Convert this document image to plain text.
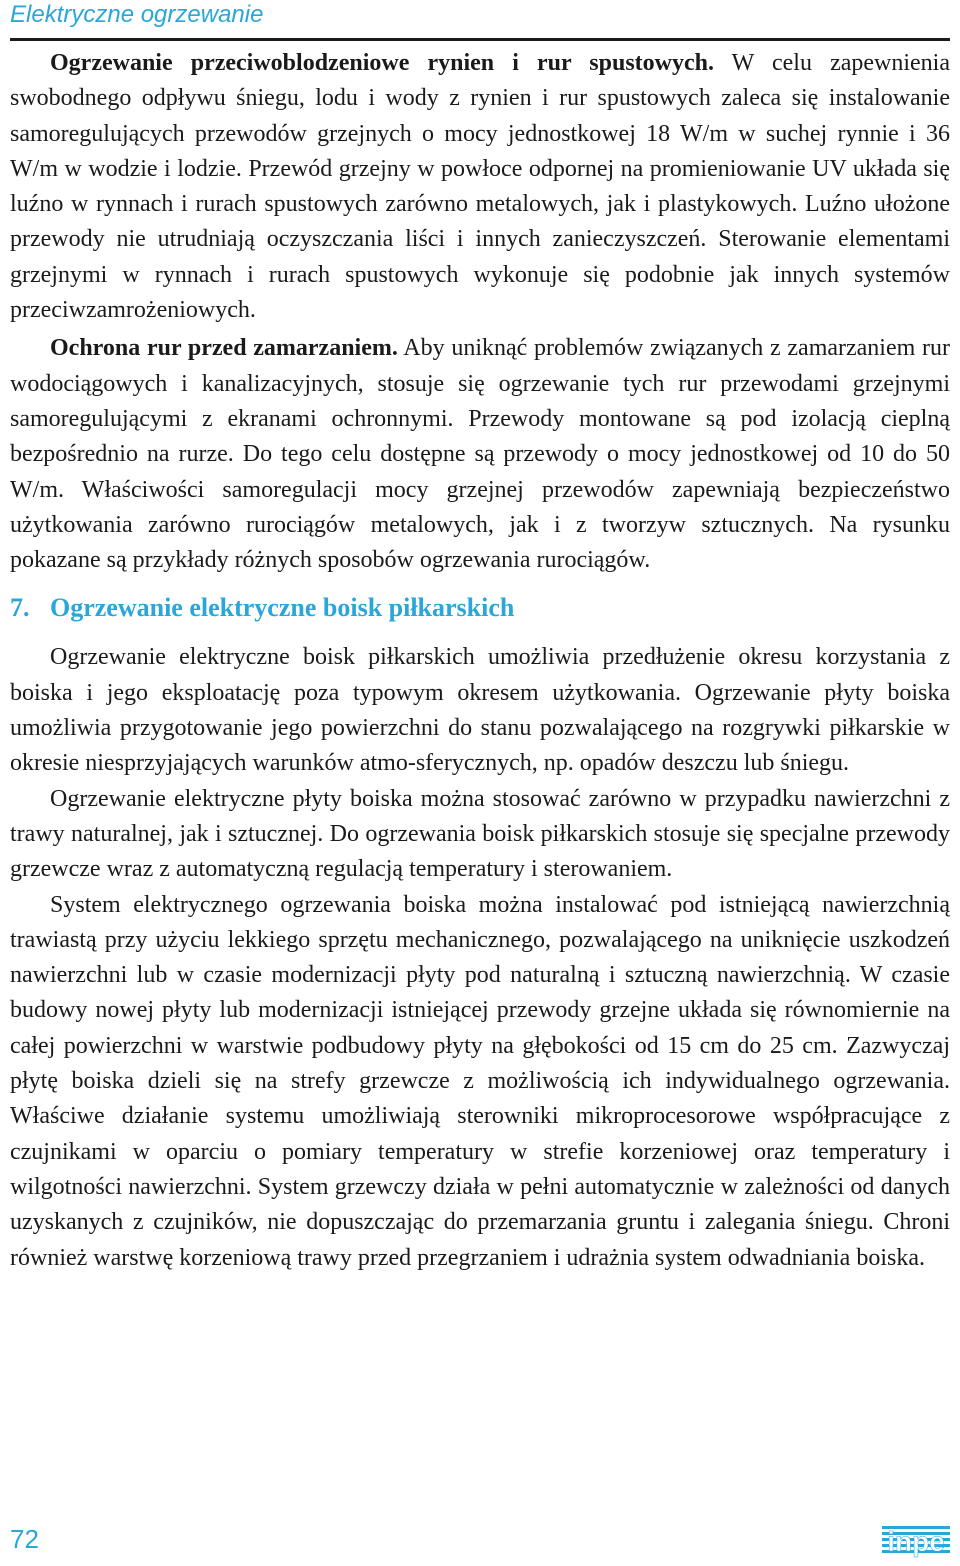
Elektryczne ogrzewanie

Ogrzewanie przeciwoblodzeniowe rynien i rur spustowych. W celu zapewnienia swobodnego odpływu śniegu, lodu i wody z rynien i rur spustowych zaleca się instalowanie samoregulujących przewodów grzejnych o mocy jednostkowej 18 W/m w suchej rynnie i 36 W/m w wodzie i lodzie. Przewód grzejny w powłoce odpornej na promieniowanie UV układa się luźno w rynnach i rurach spustowych zarówno metalowych, jak i plastykowych. Luźno ułożone przewody nie utrudniają oczyszczania liści i innych zanieczyszczeń. Sterowanie elementami grzejnymi w rynnach i rurach spustowych wykonuje się podobnie jak innych systemów przeciwzamrożeniowych.

Ochrona rur przed zamarzaniem. Aby uniknąć problemów związanych z zamarzaniem rur wodociągowych i kanalizacyjnych, stosuje się ogrzewanie tych rur przewodami grzejnymi samoregulującymi z ekranami ochronnymi. Przewody montowane są pod izolacją cieplną bezpośrednio na rurze. Do tego celu dostępne są przewody o mocy jednostkowej od 10 do 50 W/m. Właściwości samoregulacji mocy grzejnej przewodów zapewniają bezpieczeństwo użytkowania zarówno rurociągów metalowych, jak i z tworzyw sztucznych. Na rysunku pokazane są przykłady różnych sposobów ogrzewania rurociągów.

7. Ogrzewanie elektryczne boisk piłkarskich

Ogrzewanie elektryczne boisk piłkarskich umożliwia przedłużenie okresu korzystania z boiska i jego eksploatację poza typowym okresem użytkowania. Ogrzewanie płyty boiska umożliwia przygotowanie jego powierzchni do stanu pozwalającego na rozgrywki piłkarskie w okresie niesprzyjających warunków atmo-sferycznych, np. opadów deszczu lub śniegu.

Ogrzewanie elektryczne płyty boiska można stosować zarówno w przypadku nawierzchni z trawy naturalnej, jak i sztucznej. Do ogrzewania boisk piłkarskich stosuje się specjalne przewody grzewcze wraz z automatyczną regulacją temperatury i sterowaniem.

System elektrycznego ogrzewania boiska można instalować pod istniejącą nawierzchnią trawiastą przy użyciu lekkiego sprzętu mechanicznego, pozwalającego na uniknięcie uszkodzeń nawierzchni lub w czasie modernizacji płyty pod naturalną i sztuczną nawierzchnią. W czasie budowy nowej płyty lub modernizacji istniejącej przewody grzejne układa się równomiernie na całej powierzchni w warstwie podbudowy płyty na głębokości od 15 cm do 25 cm. Zazwyczaj płytę boiska dzieli się na strefy grzewcze z możliwością ich indywidualnego ogrzewania. Właściwe działanie systemu umożliwiają sterowniki mikroprocesorowe współpracujące z czujnikami w oparciu o pomiary temperatury w strefie korzeniowej oraz temperatury i wilgotności nawierzchni. System grzewczy działa w pełni automatycznie w zależności od danych uzyskanych z czujników, nie dopuszczając do przemarzania gruntu i zalegania śniegu. Chroni również warstwę korzeniową trawy przed przegrzaniem i udrażnia system odwadniania boiska.

72	inpe
